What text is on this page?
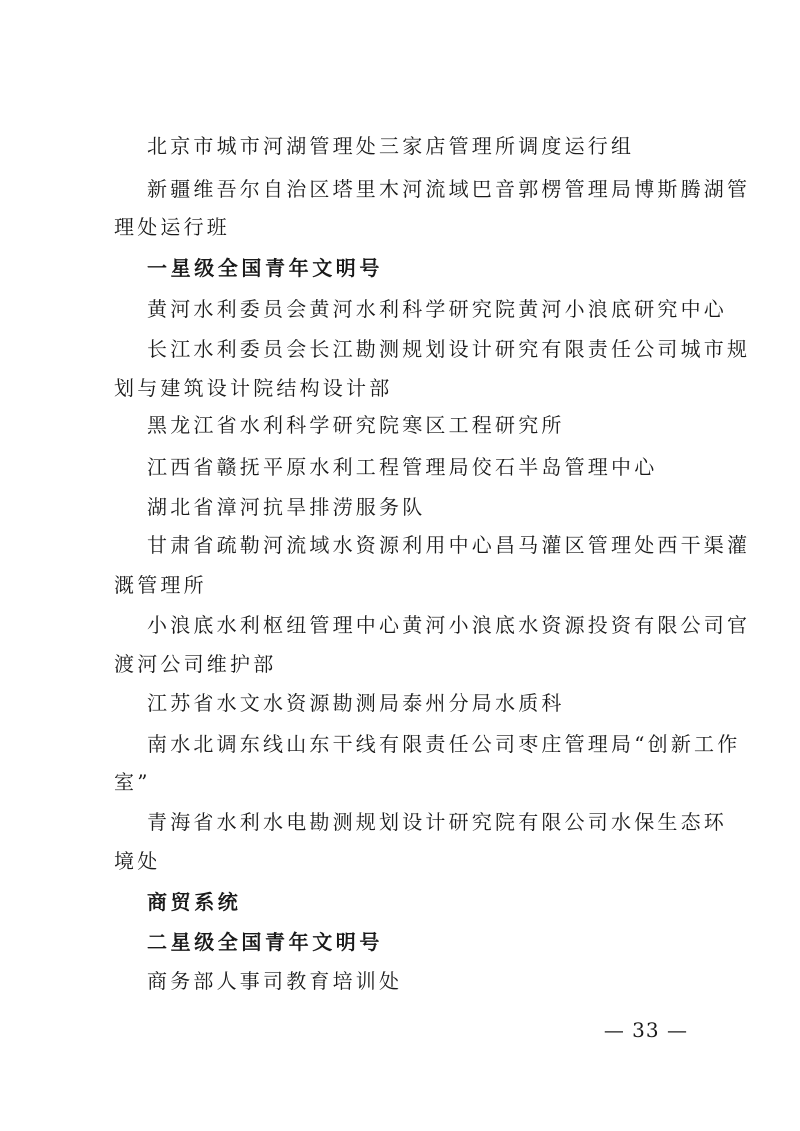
北京市城市河湖管理处三家店管理所调度运行组
新疆维吾尔自治区塔里木河流域巴音郭楞管理局博斯腾湖管
理处运行班
一星级全国青年文明号
黄河水利委员会黄河水利科学研究院黄河小浪底研究中心
长江水利委员会长江勘测规划设计研究有限责任公司城市规
划与建筑设计院结构设计部
黑龙江省水利科学研究院寒区工程研究所
江西省赣抚平原水利工程管理局佼石半岛管理中心
湖北省漳河抗旱排涝服务队
甘肃省疏勒河流域水资源利用中心昌马灌区管理处西干渠灌
溉管理所
小浪底水利枢纽管理中心黄河小浪底水资源投资有限公司官
渡河公司维护部
江苏省水文水资源勘测局泰州分局水质科
南水北调东线山东干线有限责任公司枣庄管理局“创新工作
室”
青海省水利水电勘测规划设计研究院有限公司水保生态环
境处
商贸系统
二星级全国青年文明号
商务部人事司教育培训处
— 33 —
